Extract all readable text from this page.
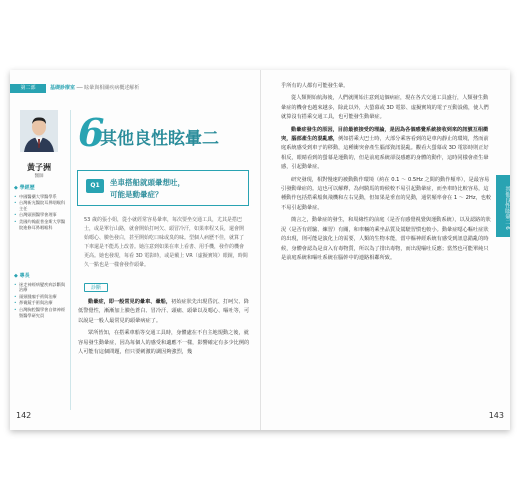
第二部	基礎診療室 ── 眩暈與相關疾病概述解析
黃子洲
醫師
◆ 學經歷
• 中國醫藥大學醫學系
• 台灣新光醫院耳鼻咽喉科主任
• 台灣頭頸醫學會理事
• 美國約翰霍普金斯大學醫院進修耳鼻咽喉科
◆ 專長
• 迷走神經病變疾病診斷與治療
• 頭頸腫瘤手術與治療
• 鼻竇鏡手術與治療
• 台灣胸腔醫學會自律神經暨醫學研究員
6
其他良性眩暈二
Q1	坐車搭船就頭暈想吐，
可能是動暈症？
53 歲的張小姐，從小就經常容易暈車，每次要坐交通工具，尤其是搭巴士，或是單行山路，就會開始打呵欠、頭冒冷汗，如果車程又長，還會開始噁心、臉色發白，甚至開始吃口味或臭的味。型個人病歷不佳，就算了下車還是不能馬上改善。她注意到如果在車上看書、用手機，發作的機會更高。她也發現，每看 3D 電影時，或是戴上 VR（虛擬實境）眼鏡，時間久一點也是一樣會發作頭暈。
診斷

動暈症，即一般常見的暈車、暈船，初始症狀先出現昏沉、打呵欠、降低警覺性，漸漸加上臉色蒼白、冒冷汗、頭痛、頭暈以及噁心、嘔吐等，可以說是一般人最常見的頭暈病症了。

眾所皆知，在搭乘車船等交通工具時，身體處在不自主地規動之後，就容易發生動暈症，因為每個人的感受和適應不一樣，影響確定有多少比例的人可能有這個問題，但只要刺激的調因夠強烈，幾

142

乎所有的人都有可能發生暈。

從人類開始航海後，人們就開始注意到這個病症，現在各式交通工具盛行，人類發生動暈症的機會也越來越多，除此以外，大螢幕或 3D 電影、虛擬實境的電子互動設備，使人們就算沒有搭乘交通工具，也可能發生動暈症。

動暈症發生的原因，目前最被接受的理論，是因為各個感覺系統接收到來的訊號互相衝突，腦部產生的混亂感，例如搭乘大巴士時，大部分乘客看到的是車內靜止的環境，然而前庭系統感受到車子的移動，這種衝突會產生腦部資訊混亂。觀看大螢幕或 3D 電影時則正好相反，眼睛看到的螢幕是運動的，但是前庭系統卻沒感應的身體的動作，這時同樣會產生暈感，引起動暈症。

研究發現，相對慢速的被動動作環境（約在 0.1 ～ 0.5Hz 之間的動作頻率），是最容易引發動暈症的。這也可以解釋，為何騎馬的時候較不易引起動暈症，而坐車時比較容易，這種動作包括搭乘船與飛機和左右晃動，但如果是垂直的晃動，通常頻率會在 1 ～ 2Hz，也較不易引起動暈症。

簡言之，動暈症的發生，和周緣性的前庭（是否有感覺視覺與運動系統），以及認路的狀況（是否有經驗、練習）有關，和車輛的乘坐品質及駕駛習慣也較小。動暈症噁心嘔吐症狀的出現，則可能是演化上的需要，人類的生物本能，當中樞神經系統有感受到訊息錯亂的時候，身體會認為是食入有毒物質，所以為了排出毒物，而出現嘔吐反應；當然也可能單純只是前庭系統和嘔吐系統在腦幹中的連路相鄰所致。

其他良性眩暈二 6
143
